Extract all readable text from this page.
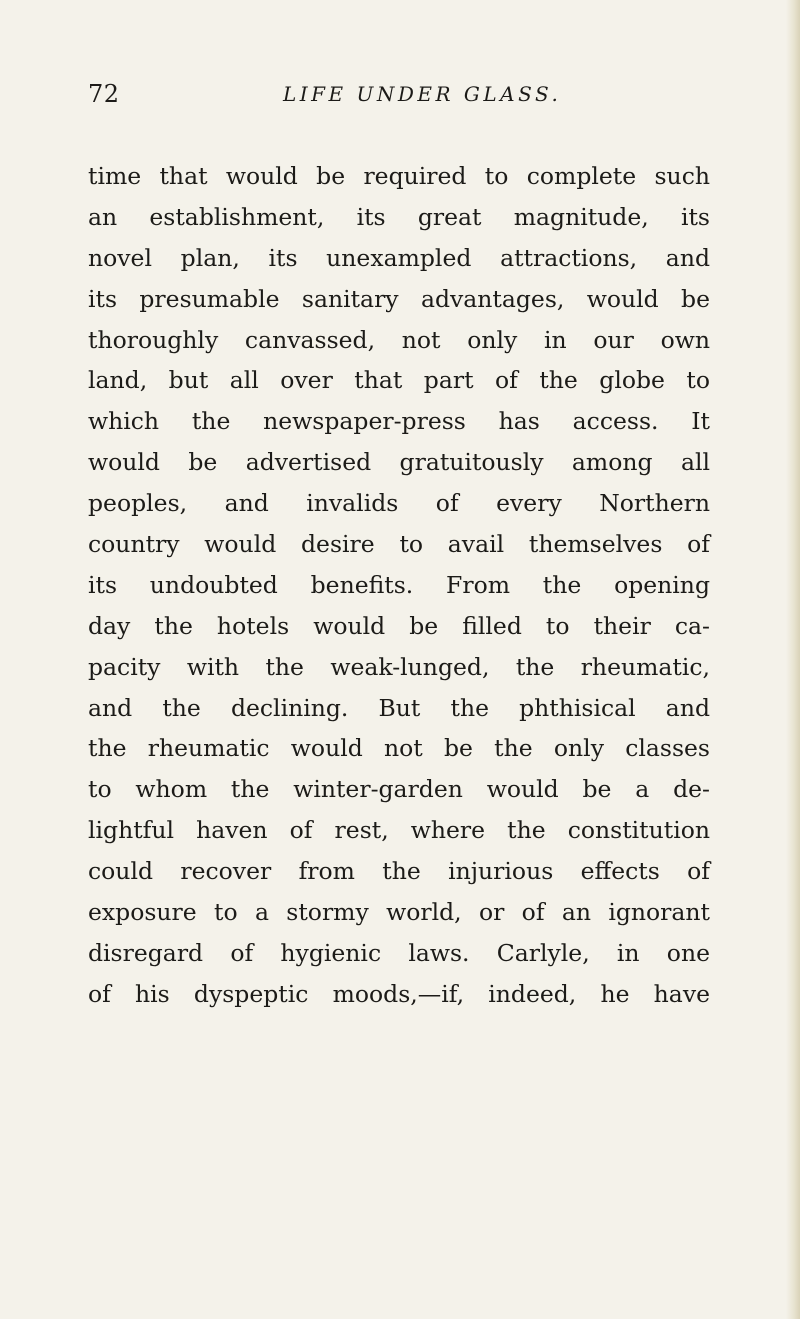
72	LIFE UNDER GLASS.
time that would be required to complete such
an establishment, its great magnitude, its
novel plan, its unexampled attractions, and
its presumable sanitary advantages, would be
thoroughly canvassed, not only in our own
land, but all over that part of the globe to
which the newspaper-press has access. It
would be advertised gratuitously among all
peoples, and invalids of every Northern
country would desire to avail themselves of
its undoubted benefits. From the opening
day the hotels would be filled to their ca-
pacity with the weak-lunged, the rheumatic,
and the declining. But the phthisical and
the rheumatic would not be the only classes
to whom the winter-garden would be a de-
lightful haven of rest, where the constitution
could recover from the injurious effects of
exposure to a stormy world, or of an ignorant
disregard of hygienic laws. Carlyle, in one
of his dyspeptic moods,—if, indeed, he have
